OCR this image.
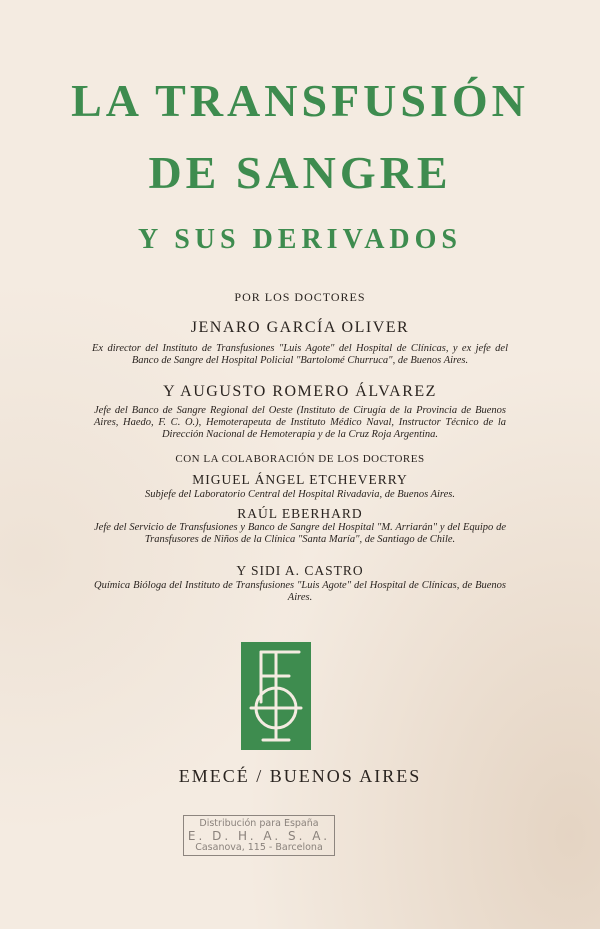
LA TRANSFUSIÓN
DE SANGRE
Y SUS DERIVADOS

POR LOS DOCTORES

JENARO GARCÍA OLIVER

Ex director del Instituto de Transfusiones "Luis Agote" del Hospital de Clínicas, y ex jefe del Banco de Sangre del Hospital Policial "Bartolomé Churruca", de Buenos Aires.

Y AUGUSTO ROMERO ÁLVAREZ

Jefe del Banco de Sangre Regional del Oeste (Instituto de Cirugía de la Provincia de Buenos Aires, Haedo, F. C. O.), Hemoterapeuta de Instituto Médico Naval, Instructor Técnico de la Dirección Nacional de Hemoterapia y de la Cruz Roja Argentina.

CON LA COLABORACIÓN DE LOS DOCTORES

MIGUEL ÁNGEL ETCHEVERRY

Subjefe del Laboratorio Central del Hospital Rivadavia, de Buenos Aires.

RAÚL EBERHARD

Jefe del Servicio de Transfusiones y Banco de Sangre del Hospital "M. Arriarán" y del Equipo de Transfusores de Niños de la Clínica "Santa María", de Santiago de Chile.

Y SIDI A. CASTRO

Química Bióloga del Instituto de Transfusiones "Luis Agote" del Hospital de Clínicas, de Buenos Aires.

EMECÉ / BUENOS AIRES

Distribución para España
E. D. H. A. S. A.
Casanova, 115 - Barcelona
